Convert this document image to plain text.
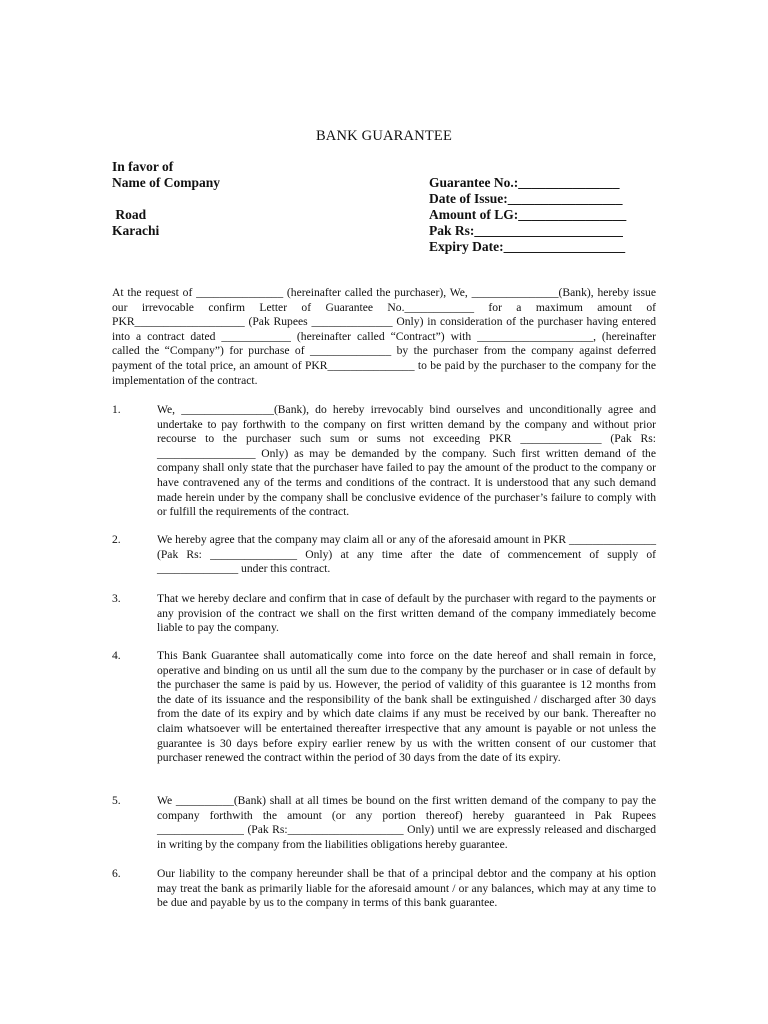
BANK GUARANTEE
In favor of
Name of Company
Road
Karachi
Guarantee No.:_______________
Date of Issue:_________________
Amount of LG:________________
Pak Rs:______________________
Expiry Date:__________________
At the request of _______________ (hereinafter called the purchaser), We, _______________(Bank), hereby issue our irrevocable confirm Letter of Guarantee No.____________ for a maximum amount of PKR___________________ (Pak Rupees ______________ Only) in consideration of the purchaser having entered into a contract dated ____________ (hereinafter called “Contract”) with ____________________, (hereinafter called the “Company”) for purchase of ______________ by the purchaser from the company against deferred payment of the total price, an amount of PKR_______________ to be paid by the purchaser to the company for the implementation of the contract.
1.	We, ________________(Bank), do hereby irrevocably bind ourselves and unconditionally agree and undertake to pay forthwith to the company on first written demand by the company and without prior recourse to the purchaser such sum or sums not exceeding PKR ______________ (Pak Rs: _________________ Only) as may be demanded by the company. Such first written demand of the company shall only state that the purchaser have failed to pay the amount of the product to the company or have contravened any of the terms and conditions of the contract. It is understood that any such demand made herein under by the company shall be conclusive evidence of the purchaser’s failure to comply with or fulfill the requirements of the contract.
2.	We hereby agree that the company may claim all or any of the aforesaid amount in PKR _______________ (Pak Rs: _______________ Only) at any time after the date of commencement of supply of ______________ under this contract.
3.	That we hereby declare and confirm that in case of default by the purchaser with regard to the payments or any provision of the contract we shall on the first written demand of the company immediately become liable to pay the company.
4.	This Bank Guarantee shall automatically come into force on the date hereof and shall remain in force, operative and binding on us until all the sum due to the company by the purchaser or in case of default by the purchaser the same is paid by us. However, the period of validity of this guarantee is 12 months from the date of its issuance and the responsibility of the bank shall be extinguished / discharged after 30 days from the date of its expiry and by which date claims if any must be received by our bank. Thereafter no claim whatsoever will be entertained thereafter irrespective that any amount is payable or not unless the guarantee is 30 days before expiry earlier renew by us with the written consent of our customer that purchaser renewed the contract within the period of 30 days from the date of its expiry.
5.	We __________(Bank) shall at all times be bound on the first written demand of the company to pay the company forthwith the amount (or any portion thereof) hereby guaranteed in Pak Rupees _______________ (Pak Rs:____________________ Only) until we are expressly released and discharged in writing by the company from the liabilities obligations hereby guarantee.
6.	Our liability to the company hereunder shall be that of a principal debtor and the company at his option may treat the bank as primarily liable for the aforesaid amount / or any balances, which may at any time to be due and payable by us to the company in terms of this bank guarantee.
